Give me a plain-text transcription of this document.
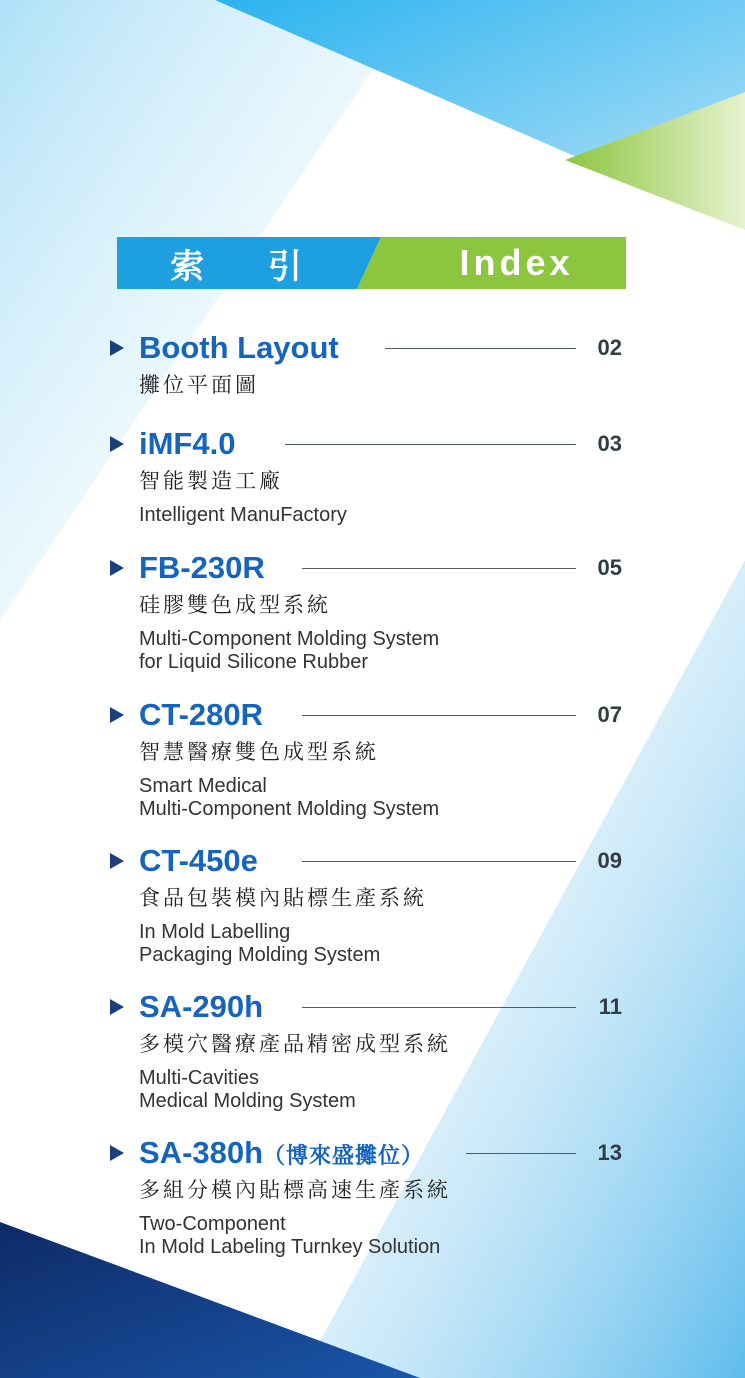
索 引	Index
Booth Layout	02
攤位平面圖
iMF4.0	03
智能製造工廠
Intelligent ManuFactory
FB-230R	05
硅膠雙色成型系統
Multi-Component Molding System
for Liquid Silicone Rubber
CT-280R	07
智慧醫療雙色成型系統
Smart Medical
Multi-Component Molding System
CT-450e	09
食品包裝模內貼標生產系統
In Mold Labelling
Packaging Molding System
SA-290h	11
多模穴醫療產品精密成型系統
Multi-Cavities
Medical Molding System
SA-380h（博來盛攤位）	13
多組分模內貼標高速生產系統
Two-Component
In Mold Labeling Turnkey Solution
